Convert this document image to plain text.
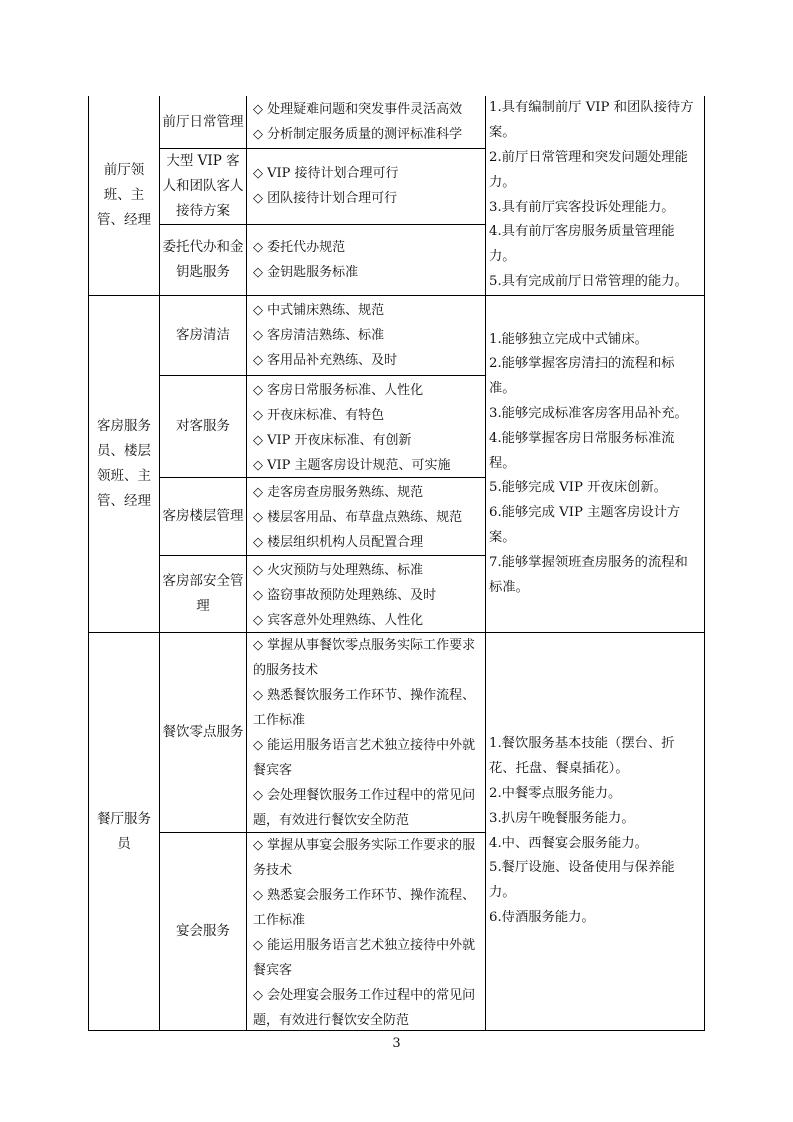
前厅领班、主管、经理
前厅日常管理
◇ 处理疑难问题和突发事件灵活高效
◇ 分析制定服务质量的测评标准科学
大型 VIP 客人和团队客人接待方案
◇ VIP 接待计划合理可行
◇ 团队接待计划合理可行
委托代办和金钥匙服务
◇ 委托代办规范
◇ 金钥匙服务标准
1.具有编制前厅 VIP 和团队接待方案。
2.前厅日常管理和突发问题处理能力。
3.具有前厅宾客投诉处理能力。
4.具有前厅客房服务质量管理能力。
5.具有完成前厅日常管理的能力。
客房服务员、楼层领班、主管、经理
客房清洁
◇ 中式铺床熟练、规范
◇ 客房清洁熟练、标准
◇ 客用品补充熟练、及时
对客服务
◇ 客房日常服务标准、人性化
◇ 开夜床标准、有特色
◇ VIP 开夜床标准、有创新
◇ VIP 主题客房设计规范、可实施
客房楼层管理
◇ 走客房查房服务熟练、规范
◇ 楼层客用品、布草盘点熟练、规范
◇ 楼层组织机构人员配置合理
客房部安全管理
◇ 火灾预防与处理熟练、标准
◇ 盗窃事故预防处理熟练、及时
◇ 宾客意外处理熟练、人性化
1.能够独立完成中式铺床。
2.能够掌握客房清扫的流程和标准。
3.能够完成标准客房客用品补充。
4.能够掌握客房日常服务标准流程。
5.能够完成 VIP 开夜床创新。
6.能够完成 VIP 主题客房设计方案。
7.能够掌握领班查房服务的流程和标准。
餐厅服务员
餐饮零点服务
◇ 掌握从事餐饮零点服务实际工作要求的服务技术
◇ 熟悉餐饮服务工作环节、操作流程、工作标准
◇ 能运用服务语言艺术独立接待中外就餐宾客
◇ 会处理餐饮服务工作过程中的常见问题，有效进行餐饮安全防范
宴会服务
◇ 掌握从事宴会服务实际工作要求的服务技术
◇ 熟悉宴会服务工作环节、操作流程、工作标准
◇ 能运用服务语言艺术独立接待中外就餐宾客
◇ 会处理宴会服务工作过程中的常见问题，有效进行餐饮安全防范
1.餐饮服务基本技能（摆台、折花、托盘、餐桌插花）。
2.中餐零点服务能力。
3.扒房午晚餐服务能力。
4.中、西餐宴会服务能力。
5.餐厅设施、设备使用与保养能力。
6.侍酒服务能力。
3
